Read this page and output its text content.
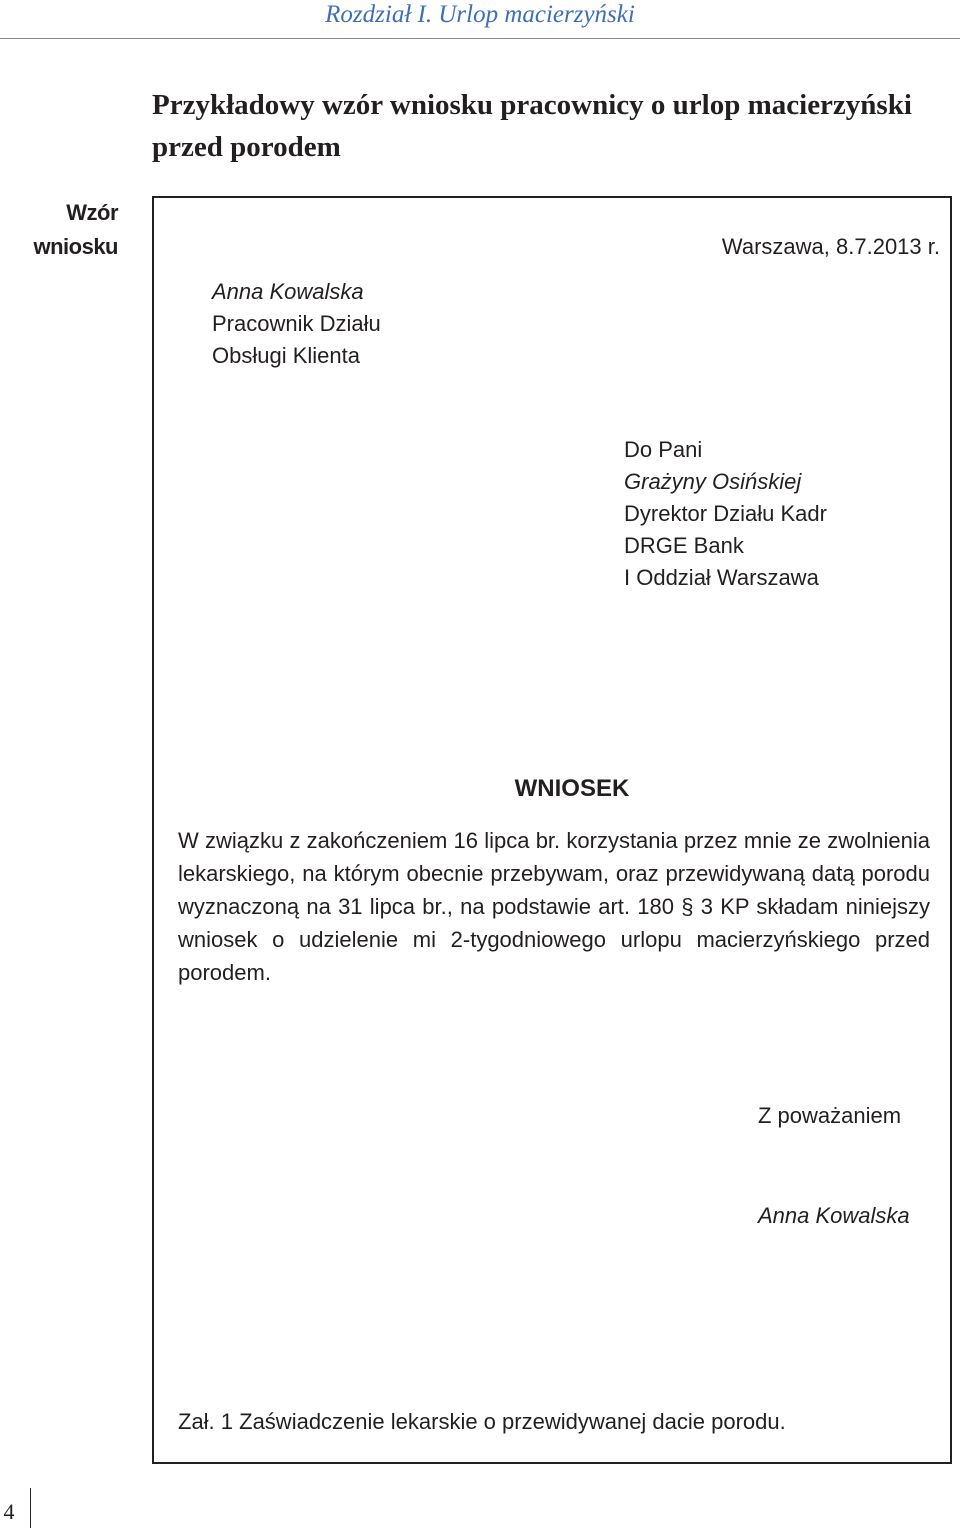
Rozdział I. Urlop macierzyński
Przykładowy wzór wniosku pracownicy o urlop macierzyński przed porodem
Wzór
wniosku	Warszawa, 8.7.2013 r.
Anna Kowalska
Pracownik Działu
Obsługi Klienta
Do Pani
Grażyny Osińskiej
Dyrektor Działu Kadr
DRGE Bank
I Oddział Warszawa
WNIOSEK
W związku z zakończeniem 16 lipca br. korzystania przez mnie ze zwolnienia lekarskiego, na którym obecnie przebywam, oraz przewidywaną datą porodu wyznaczoną na 31 lipca br., na podstawie art. 180 § 3 KP składam niniejszy wniosek o udzielenie mi 2-tygodniowego urlopu macierzyńskiego przed porodem.
Z poważaniem
Anna Kowalska
Zał. 1 Zaświadczenie lekarskie o przewidywanej dacie porodu.
4
